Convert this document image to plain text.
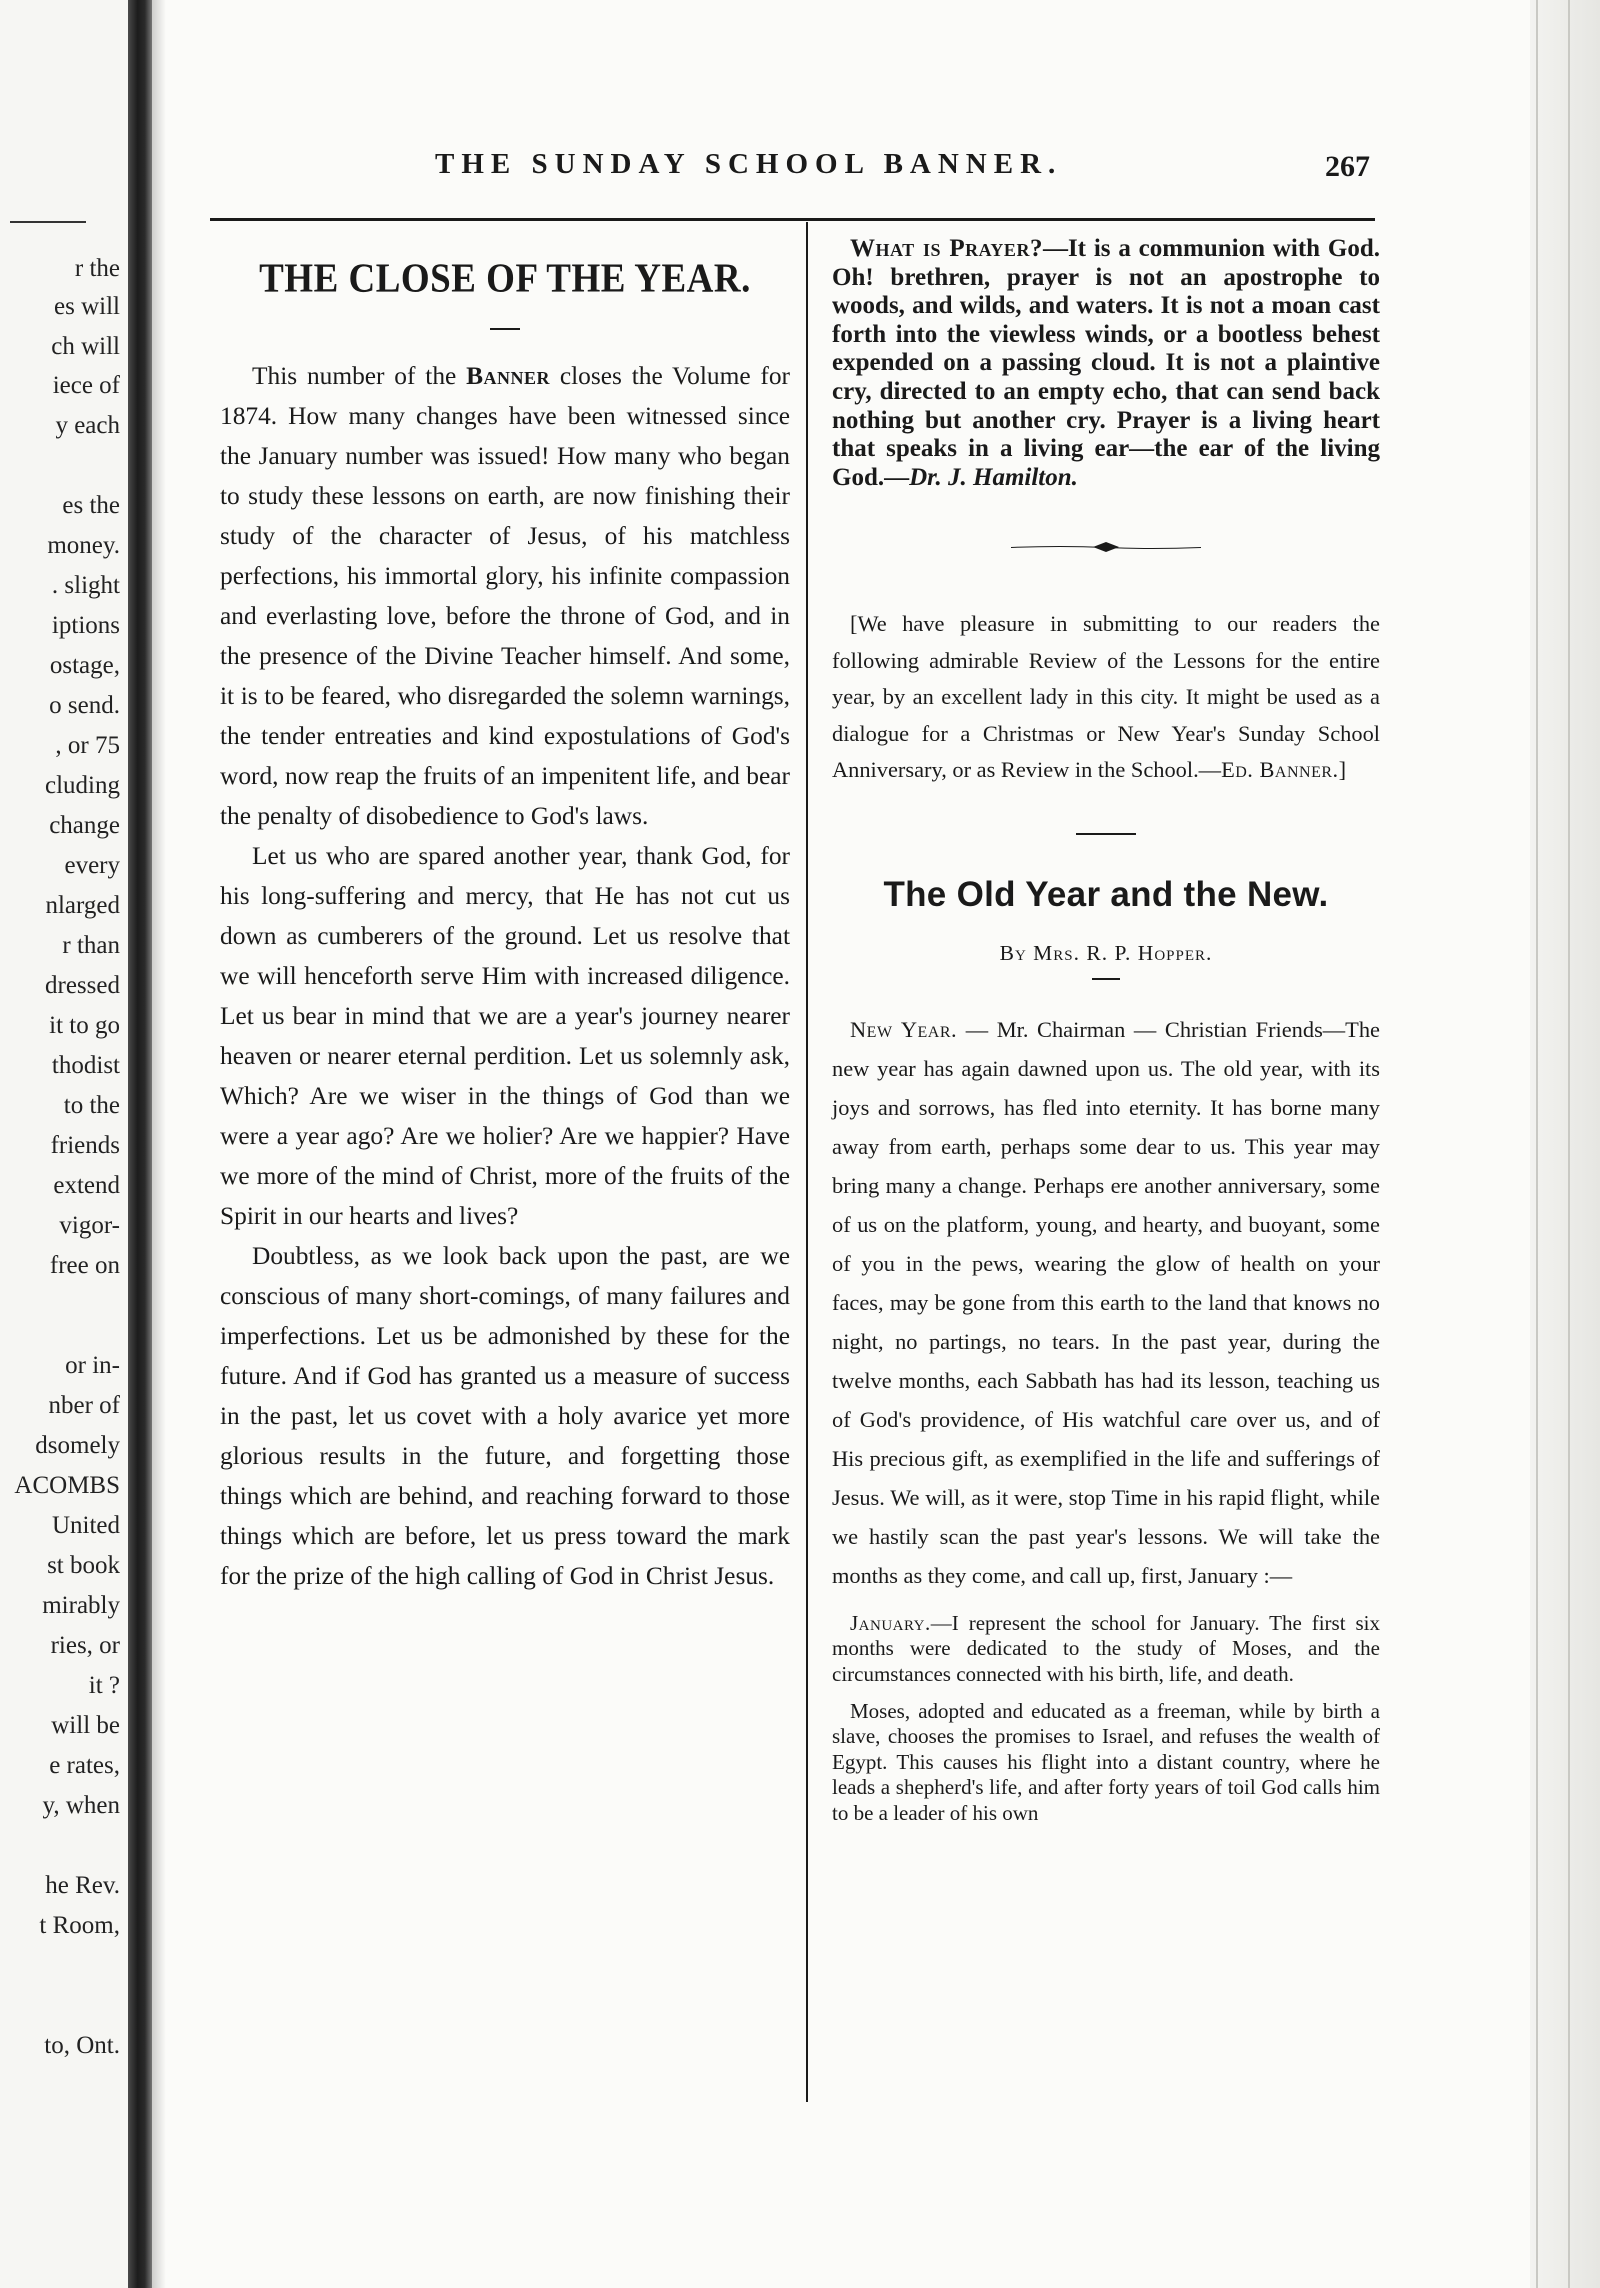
r the
es will
ch will
iece of
y each
es the
money.
. slight
iptions
ostage,
o send.
, or 75
cluding
change
every
nlarged
r than
dressed
it to go
thodist
to the
friends
extend
vigor-
free on
or in-
nber of
dsomely
ACOMBS
United
st book
mirably
ries, or
it ?
will be
e rates,
y, when
he Rev.
t Room,
to, Ont.
THE SUNDAY SCHOOL BANNER.	267
THE CLOSE OF THE YEAR.

This number of the Banner closes the Volume for 1874. How many changes have been witnessed since the January number was issued! How many who began to study these lessons on earth, are now finishing their study of the character of Jesus, of his matchless perfections, his immortal glory, his infinite compassion and everlasting love, before the throne of God, and in the presence of the Divine Teacher himself. And some, it is to be feared, who disregarded the solemn warnings, the tender entreaties and kind expostulations of God's word, now reap the fruits of an impenitent life, and bear the penalty of disobedience to God's laws.

Let us who are spared another year, thank God, for his long-suffering and mercy, that He has not cut us down as cumberers of the ground. Let us resolve that we will henceforth serve Him with increased diligence. Let us bear in mind that we are a year's journey nearer heaven or nearer eternal perdition. Let us solemnly ask, Which? Are we wiser in the things of God than we were a year ago? Are we holier? Are we happier? Have we more of the mind of Christ, more of the fruits of the Spirit in our hearts and lives?

Doubtless, as we look back upon the past, are we conscious of many short-comings, of many failures and imperfections. Let us be admonished by these for the future. And if God has granted us a measure of success in the past, let us covet with a holy avarice yet more glorious results in the future, and forgetting those things which are behind, and reaching forward to those things which are before, let us press toward the mark for the prize of the high calling of God in Christ Jesus.

What is Prayer?—It is a communion with God. Oh! brethren, prayer is not an apostrophe to woods, and wilds, and waters. It is not a moan cast forth into the viewless winds, or a bootless behest expended on a passing cloud. It is not a plaintive cry, directed to an empty echo, that can send back nothing but another cry. Prayer is a living heart that speaks in a living ear—the ear of the living God.—Dr. J. Hamilton.

[We have pleasure in submitting to our readers the following admirable Review of the Lessons for the entire year, by an excellent lady in this city. It might be used as a dialogue for a Christmas or New Year's Sunday School Anniversary, or as Review in the School.—Ed. Banner.]

The Old Year and the New.

By Mrs. R. P. Hopper.

New Year. — Mr. Chairman — Christian Friends—The new year has again dawned upon us. The old year, with its joys and sorrows, has fled into eternity. It has borne many away from earth, perhaps some dear to us. This year may bring many a change. Perhaps ere another anniversary, some of us on the platform, young, and hearty, and buoyant, some of you in the pews, wearing the glow of health on your faces, may be gone from this earth to the land that knows no night, no partings, no tears. In the past year, during the twelve months, each Sabbath has had its lesson, teaching us of God's providence, of His watchful care over us, and of His precious gift, as exemplified in the life and sufferings of Jesus. We will, as it were, stop Time in his rapid flight, while we hastily scan the past year's lessons. We will take the months as they come, and call up, first, January :—

January.—I represent the school for January. The first six months were dedicated to the study of Moses, and the circumstances connected with his birth, life, and death.

Moses, adopted and educated as a freeman, while by birth a slave, chooses the promises to Israel, and refuses the wealth of Egypt. This causes his flight into a distant country, where he leads a shepherd's life, and after forty years of toil God calls him to be a leader of his own
